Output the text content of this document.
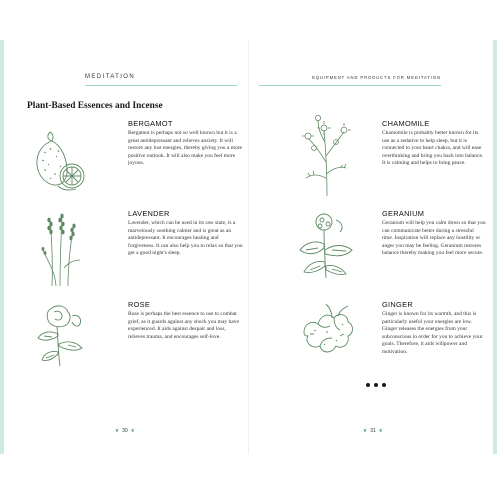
MEDITATION	EQUIPMENT AND PRODUCTS FOR MEDITATION
Plant-Based Essences and Incense

BERGAMOT

Bergamot is perhaps not so well known but it is a great antidepressant and relieves anxiety. It will restore any lost energies, thereby giving you a more positive outlook. It will also make you feel more joyous.

LAVENDER

Lavender, which can be used in its raw state, is a marvelously soothing calmer and is great as an antidepressant. It encourages healing and forgiveness. It can also help you to relax so that you get a good night's sleep.

ROSE

Rose is perhaps the best essence to use to combat grief, as it guards against any shock you may have experienced. It aids against despair and loss, relieves trauma, and encourages self-love.

CHAMOMILE

Chamomile is probably better known for its use as a sedative to help sleep, but it is connected to your heart chakra, and will ease overthinking and bring you back into balance. It is calming and helps to bring peace.

GERANIUM

Geranium will help you calm down so that you can communicate better during a stressful time. Inspiration will replace any hostility or anger you may be feeling. Geranium restores balance thereby making you feel more secure.

GINGER

Ginger is known for its warmth, and this is particularly useful your energies are low. Ginger releases the energies from your subconscious in order for you to achieve your goals. Therefore, it aids willpower and motivation.

❦ 30 ❦	❦ 31 ❦
